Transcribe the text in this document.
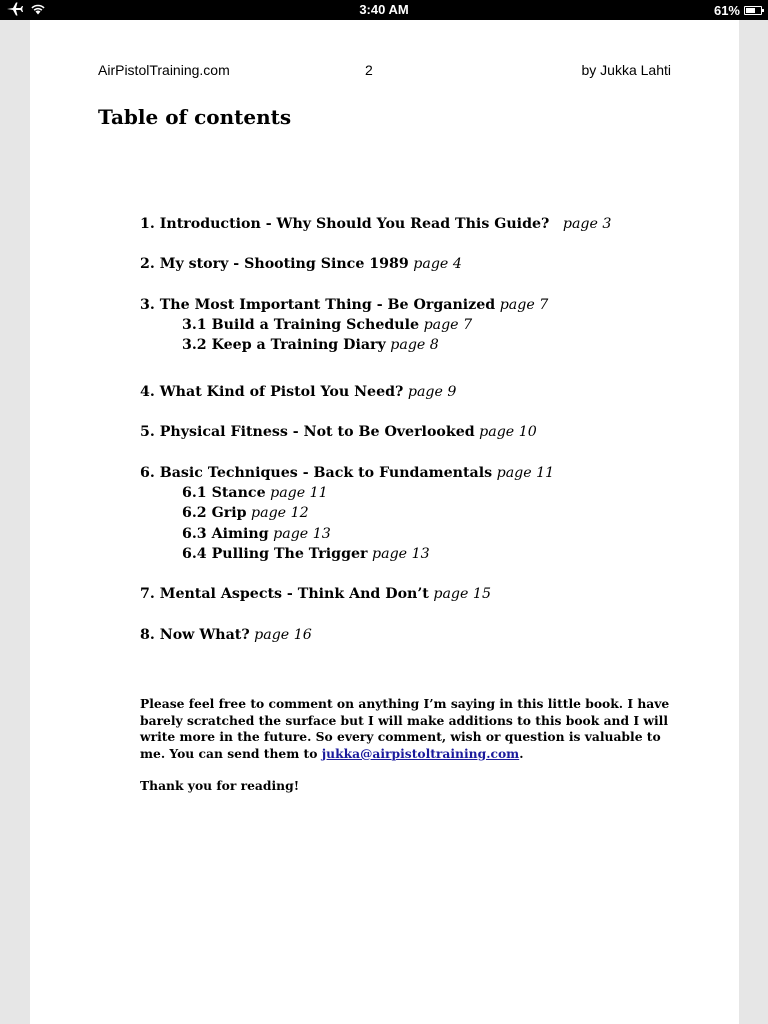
3:40 AM	61%
AirPistolTraining.com	2	by Jukka Lahti
Table of contents
1. Introduction - Why Should You Read This Guide? page 3
2. My story - Shooting Since 1989 page 4
3. The Most Important Thing - Be Organized page 7
3.1 Build a Training Schedule page 7
3.2 Keep a Training Diary page 8
4. What Kind of Pistol You Need? page 9
5. Physical Fitness - Not to Be Overlooked page 10
6. Basic Techniques - Back to Fundamentals page 11
6.1 Stance page 11
6.2 Grip page 12
6.3 Aiming page 13
6.4 Pulling The Trigger page 13
7. Mental Aspects - Think And Don’t page 15
8. Now What? page 16

Please feel free to comment on anything I’m saying in this little book. I have barely scratched the surface but I will make additions to this book and I will write more in the future. So every comment, wish or question is valuable to me. You can send them to jukka@airpistoltraining.com.

Thank you for reading!
